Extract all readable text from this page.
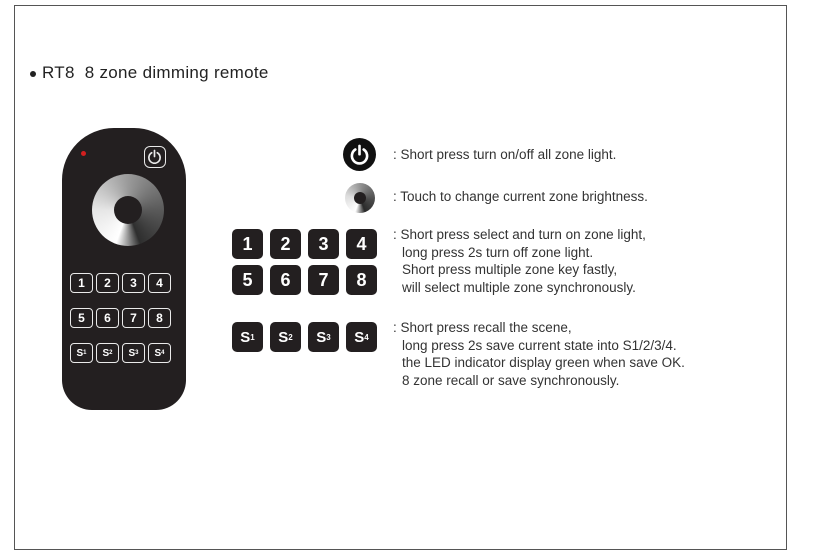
RT8 8 zone dimming remote
1	2	3	4
5	6	7	8
S 1 S 2 S 3 S 4
: Short press turn on/off all zone light.
: Touch to change current zone brightness.
1	2	3	4
5	6	7	8
: Short press select and turn on zone light,
long press 2s turn off zone light.
Short press multiple zone key fastly,
will select multiple zone synchronously.
S 1 S 2 S 3 S 4
: Short press recall the scene,
long press 2s save current state into S1/2/3/4.
the LED indicator display green when save OK.
8 zone recall or save synchronously.
